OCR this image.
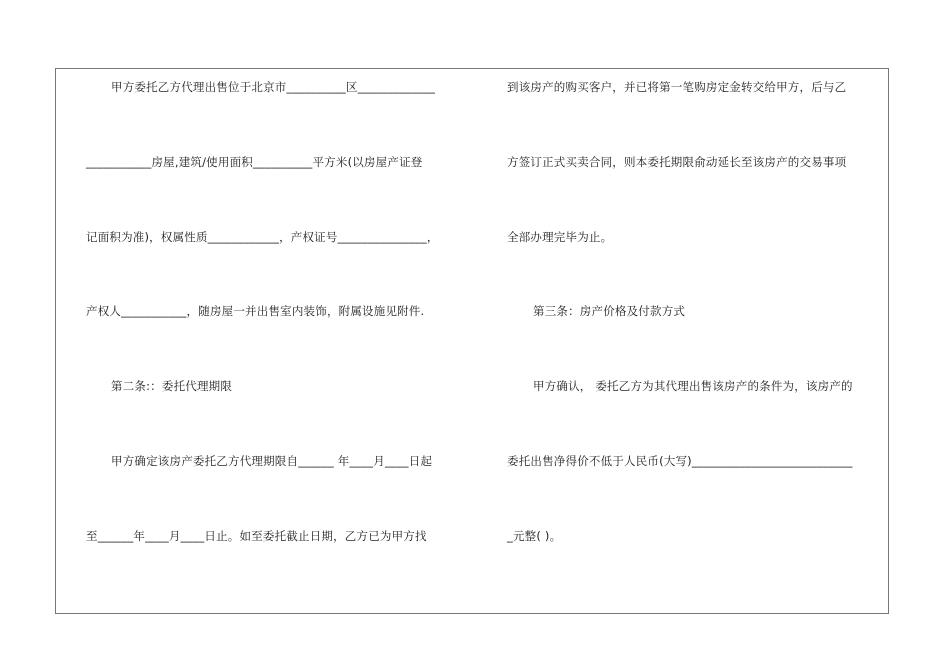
甲方委托乙方代理出售位于北京市__________区_____________
___________房屋,建筑/使用面积__________平方米(以房屋产证登
记面积为准)，权属性质____________，产权证号_______________，
产权人___________，随房屋一并出售室内装饰，附属设施见附件.
第二条:：委托代理期限
甲方确定该房产委托乙方代理期限自______ 年____月____日起
至______年____月____日止。如至委托截止日期，乙方已为甲方找
到该房产的购买客户，并已将第一笔购房定金转交给甲方，后与乙
方签订正式买卖合同，则本委托期限俞动延长至该房产的交易事项
全部办理完毕为止。
第三条：房产价格及付款方式
甲方确认， 委托乙方为其代理出售该房产的条件为，该房产的
委托出售净得价不低于人民币(大写)___________________________
_元整( )。
